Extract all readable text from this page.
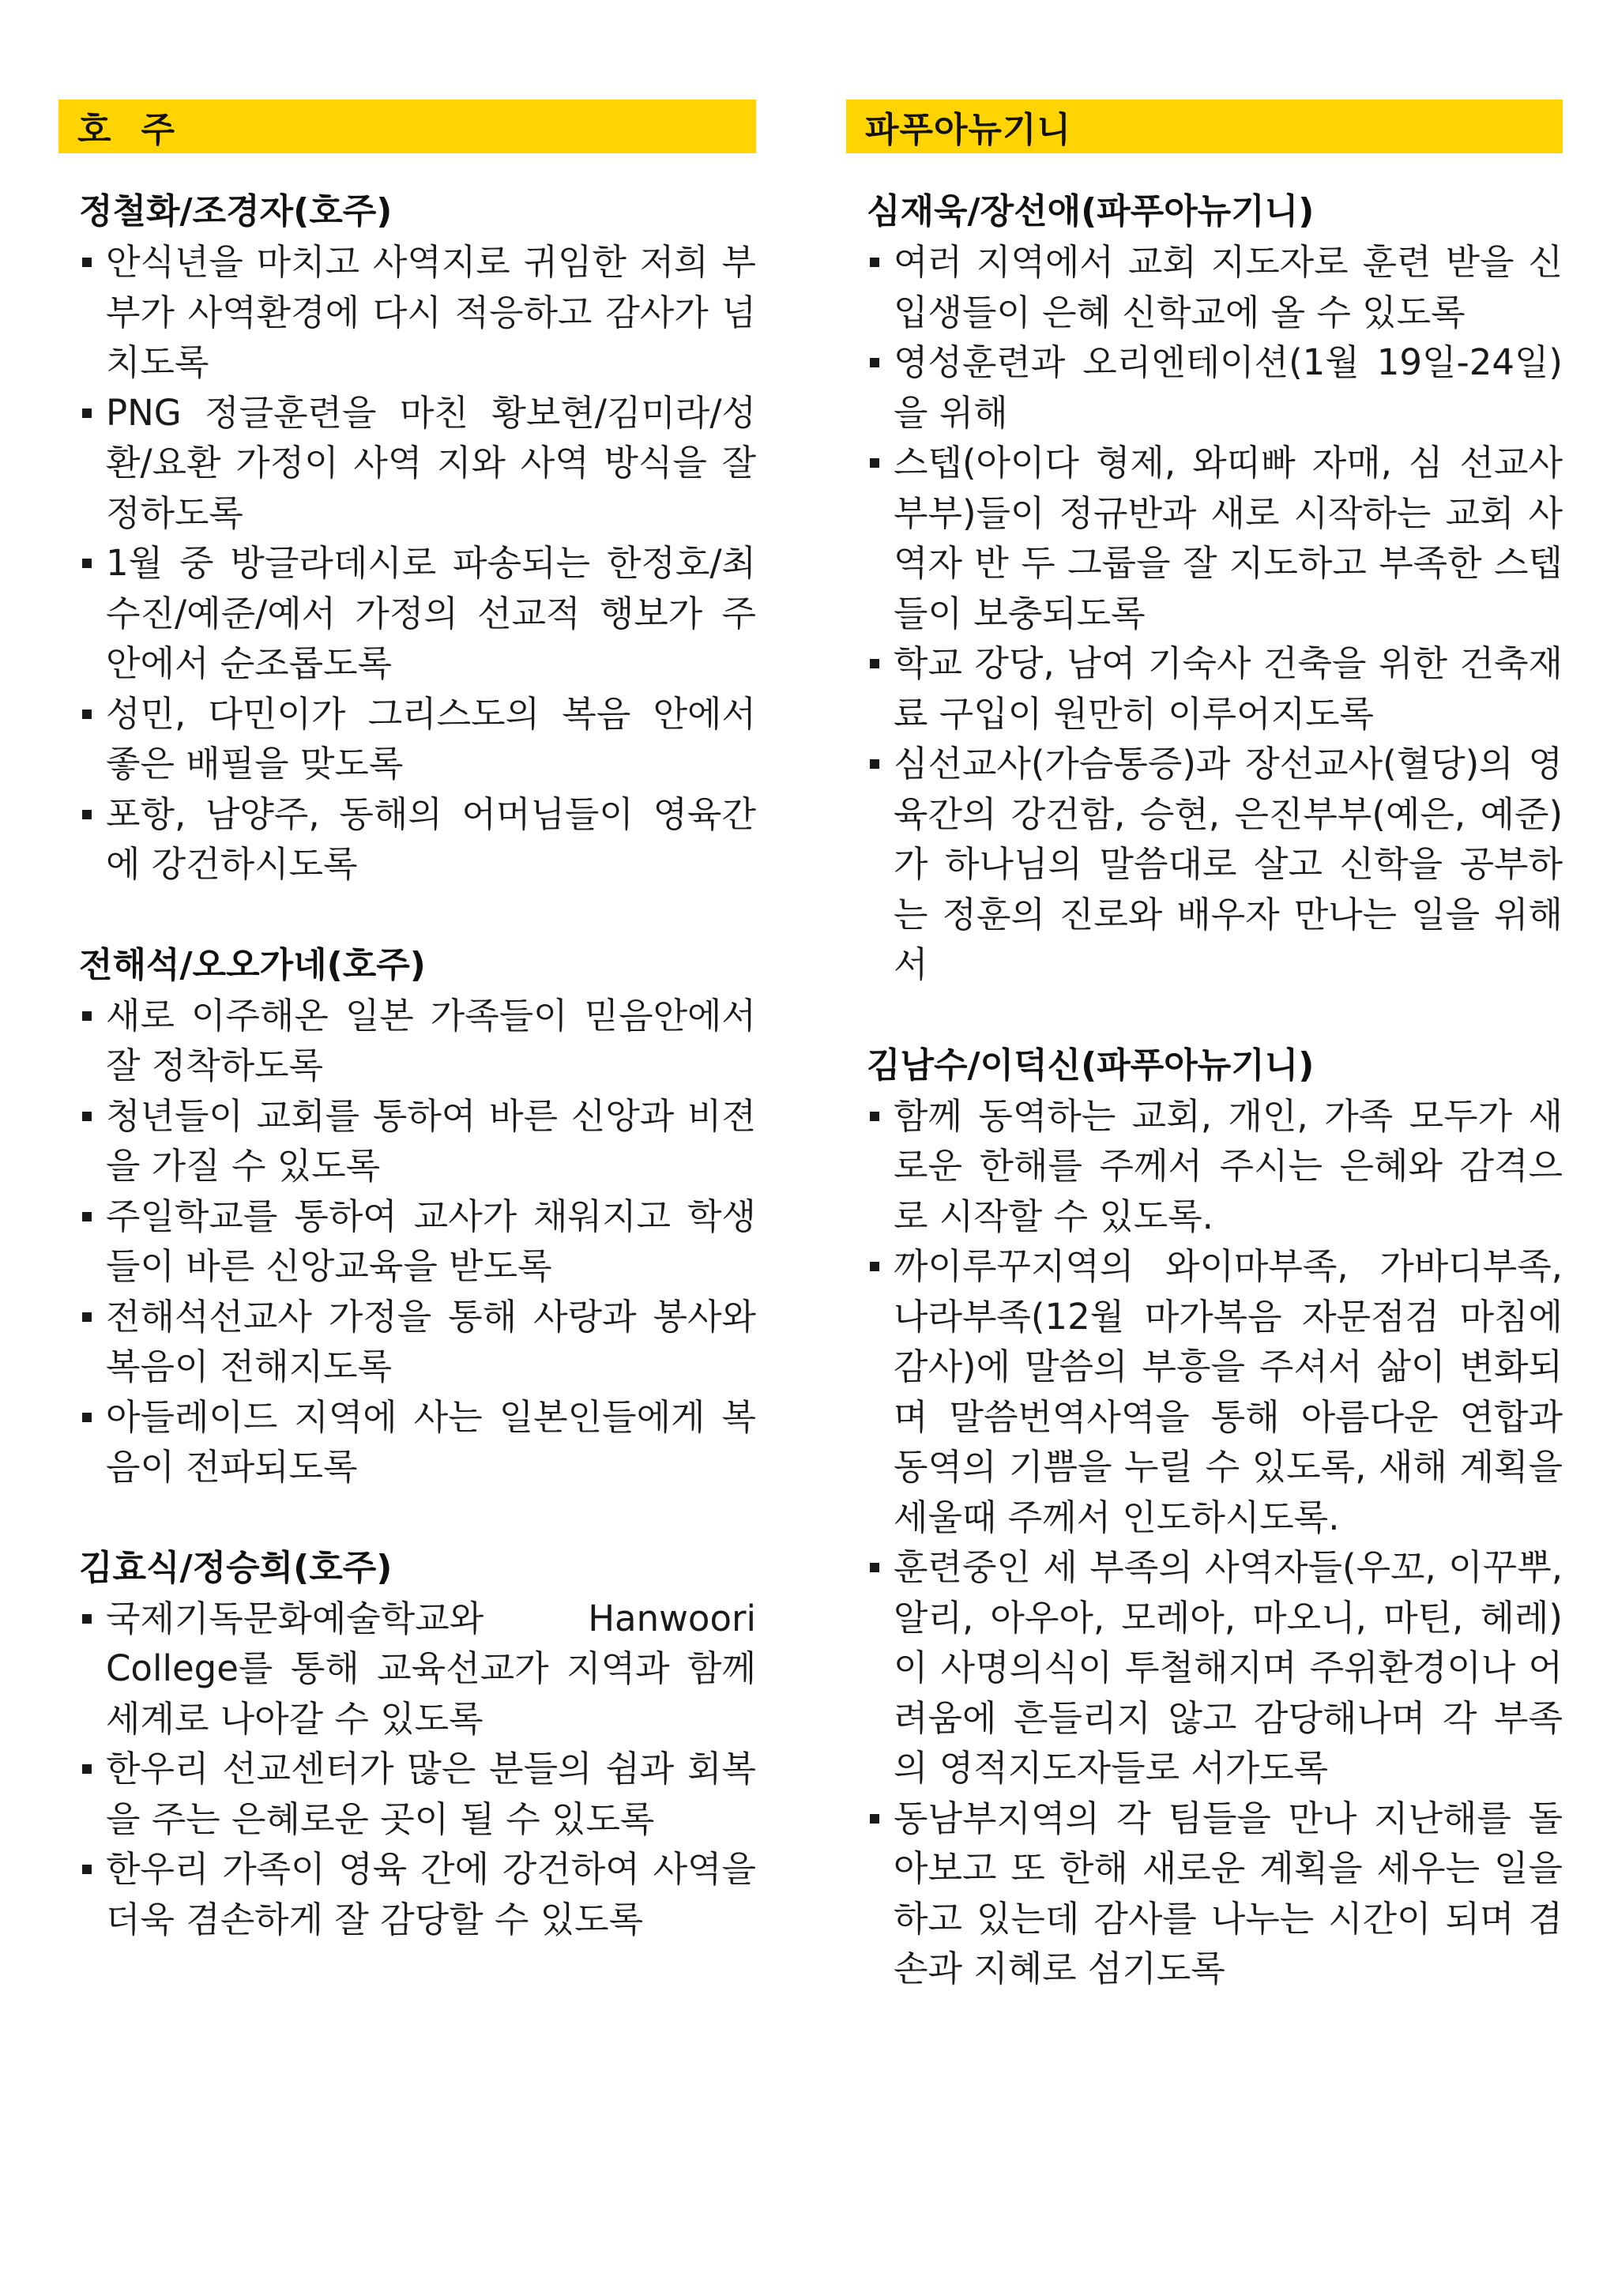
호주
정철화/조경자(호주)
안식년을 마치고 사역지로 귀임한 저희 부부가 사역환경에 다시 적응하고 감사가 넘치도록
PNG 정글훈련을 마친 황보현/김미라/성환/요환 가정이 사역 지와 사역 방식을 잘 정하도록
1월 중 방글라데시로 파송되는 한정호/최수진/예준/예서 가정의 선교적 행보가 주안에서 순조롭도록
성민, 다민이가 그리스도의 복음 안에서 좋은 배필을 맞도록
포항, 남양주, 동해의 어머님들이 영육간에 강건하시도록
전해석/오오가네(호주)
새로 이주해온 일본 가족들이 믿음안에서 잘 정착하도록
청년들이 교회를 통하여 바른 신앙과 비젼을 가질 수 있도록
주일학교를 통하여 교사가 채워지고 학생들이 바른 신앙교육을 받도록
전해석선교사 가정을 통해 사랑과 봉사와 복음이 전해지도록
아들레이드 지역에 사는 일본인들에게 복음이 전파되도록
김효식/정승희(호주)
국제기독문화예술학교와 Hanwoori College를 통해 교육선교가 지역과 함께 세계로 나아갈 수 있도록
한우리 선교센터가 많은 분들의 쉼과 회복을 주는 은혜로운 곳이 될 수 있도록
한우리 가족이 영육 간에 강건하여 사역을 더욱 겸손하게 잘 감당할 수 있도록
파푸아뉴기니
심재욱/장선애(파푸아뉴기니)
여러 지역에서 교회 지도자로 훈련 받을 신입생들이 은혜 신학교에 올 수 있도록
영성훈련과 오리엔테이션(1월 19일-24일)을 위해
스텝(아이다 형제, 와띠빠 자매, 심 선교사 부부)들이 정규반과 새로 시작하는 교회 사역자 반 두 그룹을 잘 지도하고 부족한 스텝들이 보충되도록
학교 강당, 남여 기숙사 건축을 위한 건축재료 구입이 원만히 이루어지도록
심선교사(가슴통증)과 장선교사(혈당)의 영육간의 강건함, 승현, 은진부부(예은, 예준)가 하나님의 말씀대로 살고 신학을 공부하는 정훈의 진로와 배우자 만나는 일을 위해서
김남수/이덕신(파푸아뉴기니)
함께 동역하는 교회, 개인, 가족 모두가 새로운 한해를 주께서 주시는 은혜와 감격으로 시작할 수 있도록.
까이루꾸지역의 와이마부족, 가바디부족, 나라부족(12월 마가복음 자문점검 마침에 감사)에 말씀의 부흥을 주셔서 삶이 변화되며 말씀번역사역을 통해 아름다운 연합과 동역의 기쁨을 누릴 수 있도록, 새해 계획을 세울때 주께서 인도하시도록.
훈련중인 세 부족의 사역자들(우꼬, 이꾸뿌, 알리, 아우아, 모레아, 마오니, 마틴, 헤레)이 사명의식이 투철해지며 주위환경이나 어려움에 흔들리지 않고 감당해나며 각 부족의 영적지도자들로 서가도록
동남부지역의 각 팀들을 만나 지난해를 돌아보고 또 한해 새로운 계획을 세우는 일을 하고 있는데 감사를 나누는 시간이 되며 겸손과 지혜로 섬기도록
